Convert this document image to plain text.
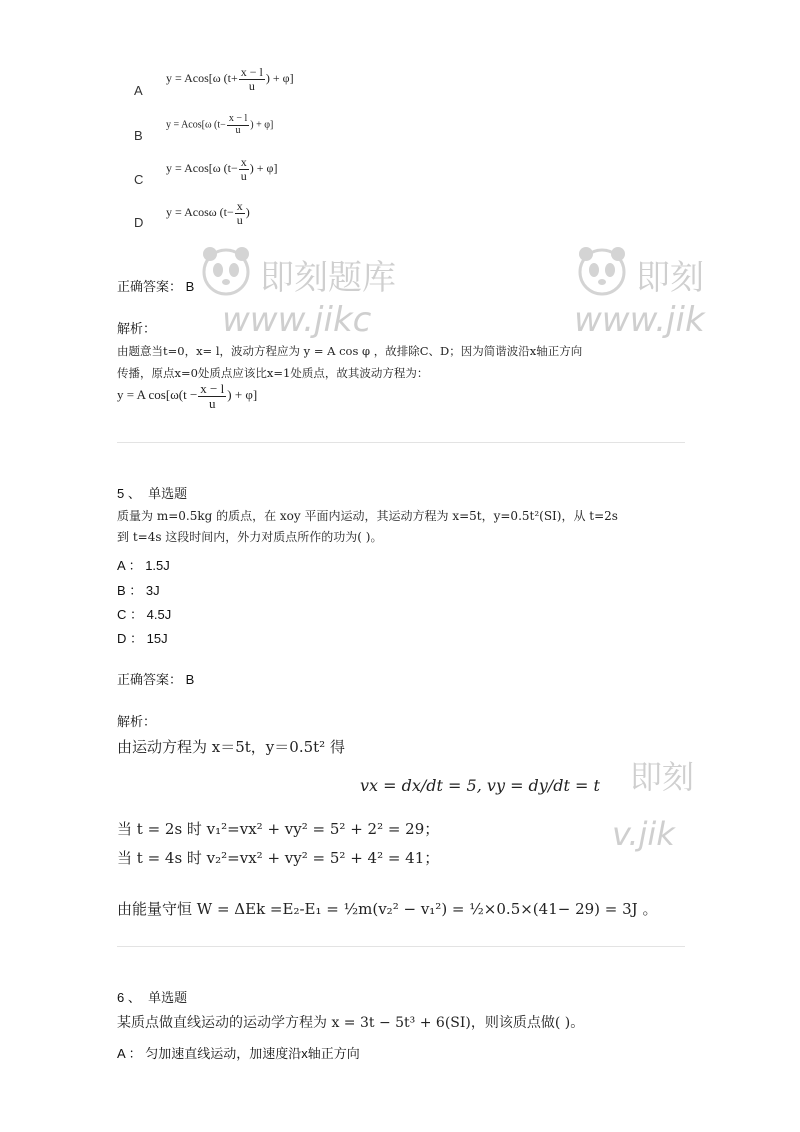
即刻题库
www.jikc
即刻
www.jik
即刻
v.jik
A
y = Acos[ω ($t+ \frac{x - l}{u}$ ) + φ]
B
y = Acos[ω ($t- \frac{x - l}{u}$ ) + φ]
C
y = Acos[ω ($t- \frac{x}{u}$ ) + φ]
D
y = Acosω ($t- \frac{x}{u}$ )
正确答案： B
解析：
由题意当t=0，x= l，波动方程应为 y = A cos φ ，故排除C、D；因为简谐波沿x轴正方向
传播，原点x=0处质点应该比x=1处质点，故其波动方程为：
y = A $\cos[\omega(t - \frac{x - l}{u}$ ) + φ]
5 、 单选题
质量为 m=0.5kg 的质点，在 xoy 平面内运动，其运动方程为 x=5t，y=0.5t²(SI)，从 t=2s
到 t=4s 这段时间内，外力对质点所作的功为( )。
A ： 1.5J
B ： 3J
C ： 4.5J
D ： 15J
正确答案： B
解析：
由运动方程为 x＝5t，y＝0.5t² 得
vx = dx/dt = 5, vy = dy/dt = t
当 t = 2s 时 v₁²=vx² + vy² = 5² + 2² = 29；
当 t = 4s 时 v₂²=vx² + vy² = 5² + 4² = 41；
由能量守恒 W = ΔEk =E₂-E₁ = ½m(v₂² − v₁²) = ½×0.5×(41− 29) = 3J 。
6 、 单选题
某质点做直线运动的运动学方程为 x = 3t − 5t³ + 6(SI)，则该质点做( )。
A ： 匀加速直线运动，加速度沿x轴正方向
